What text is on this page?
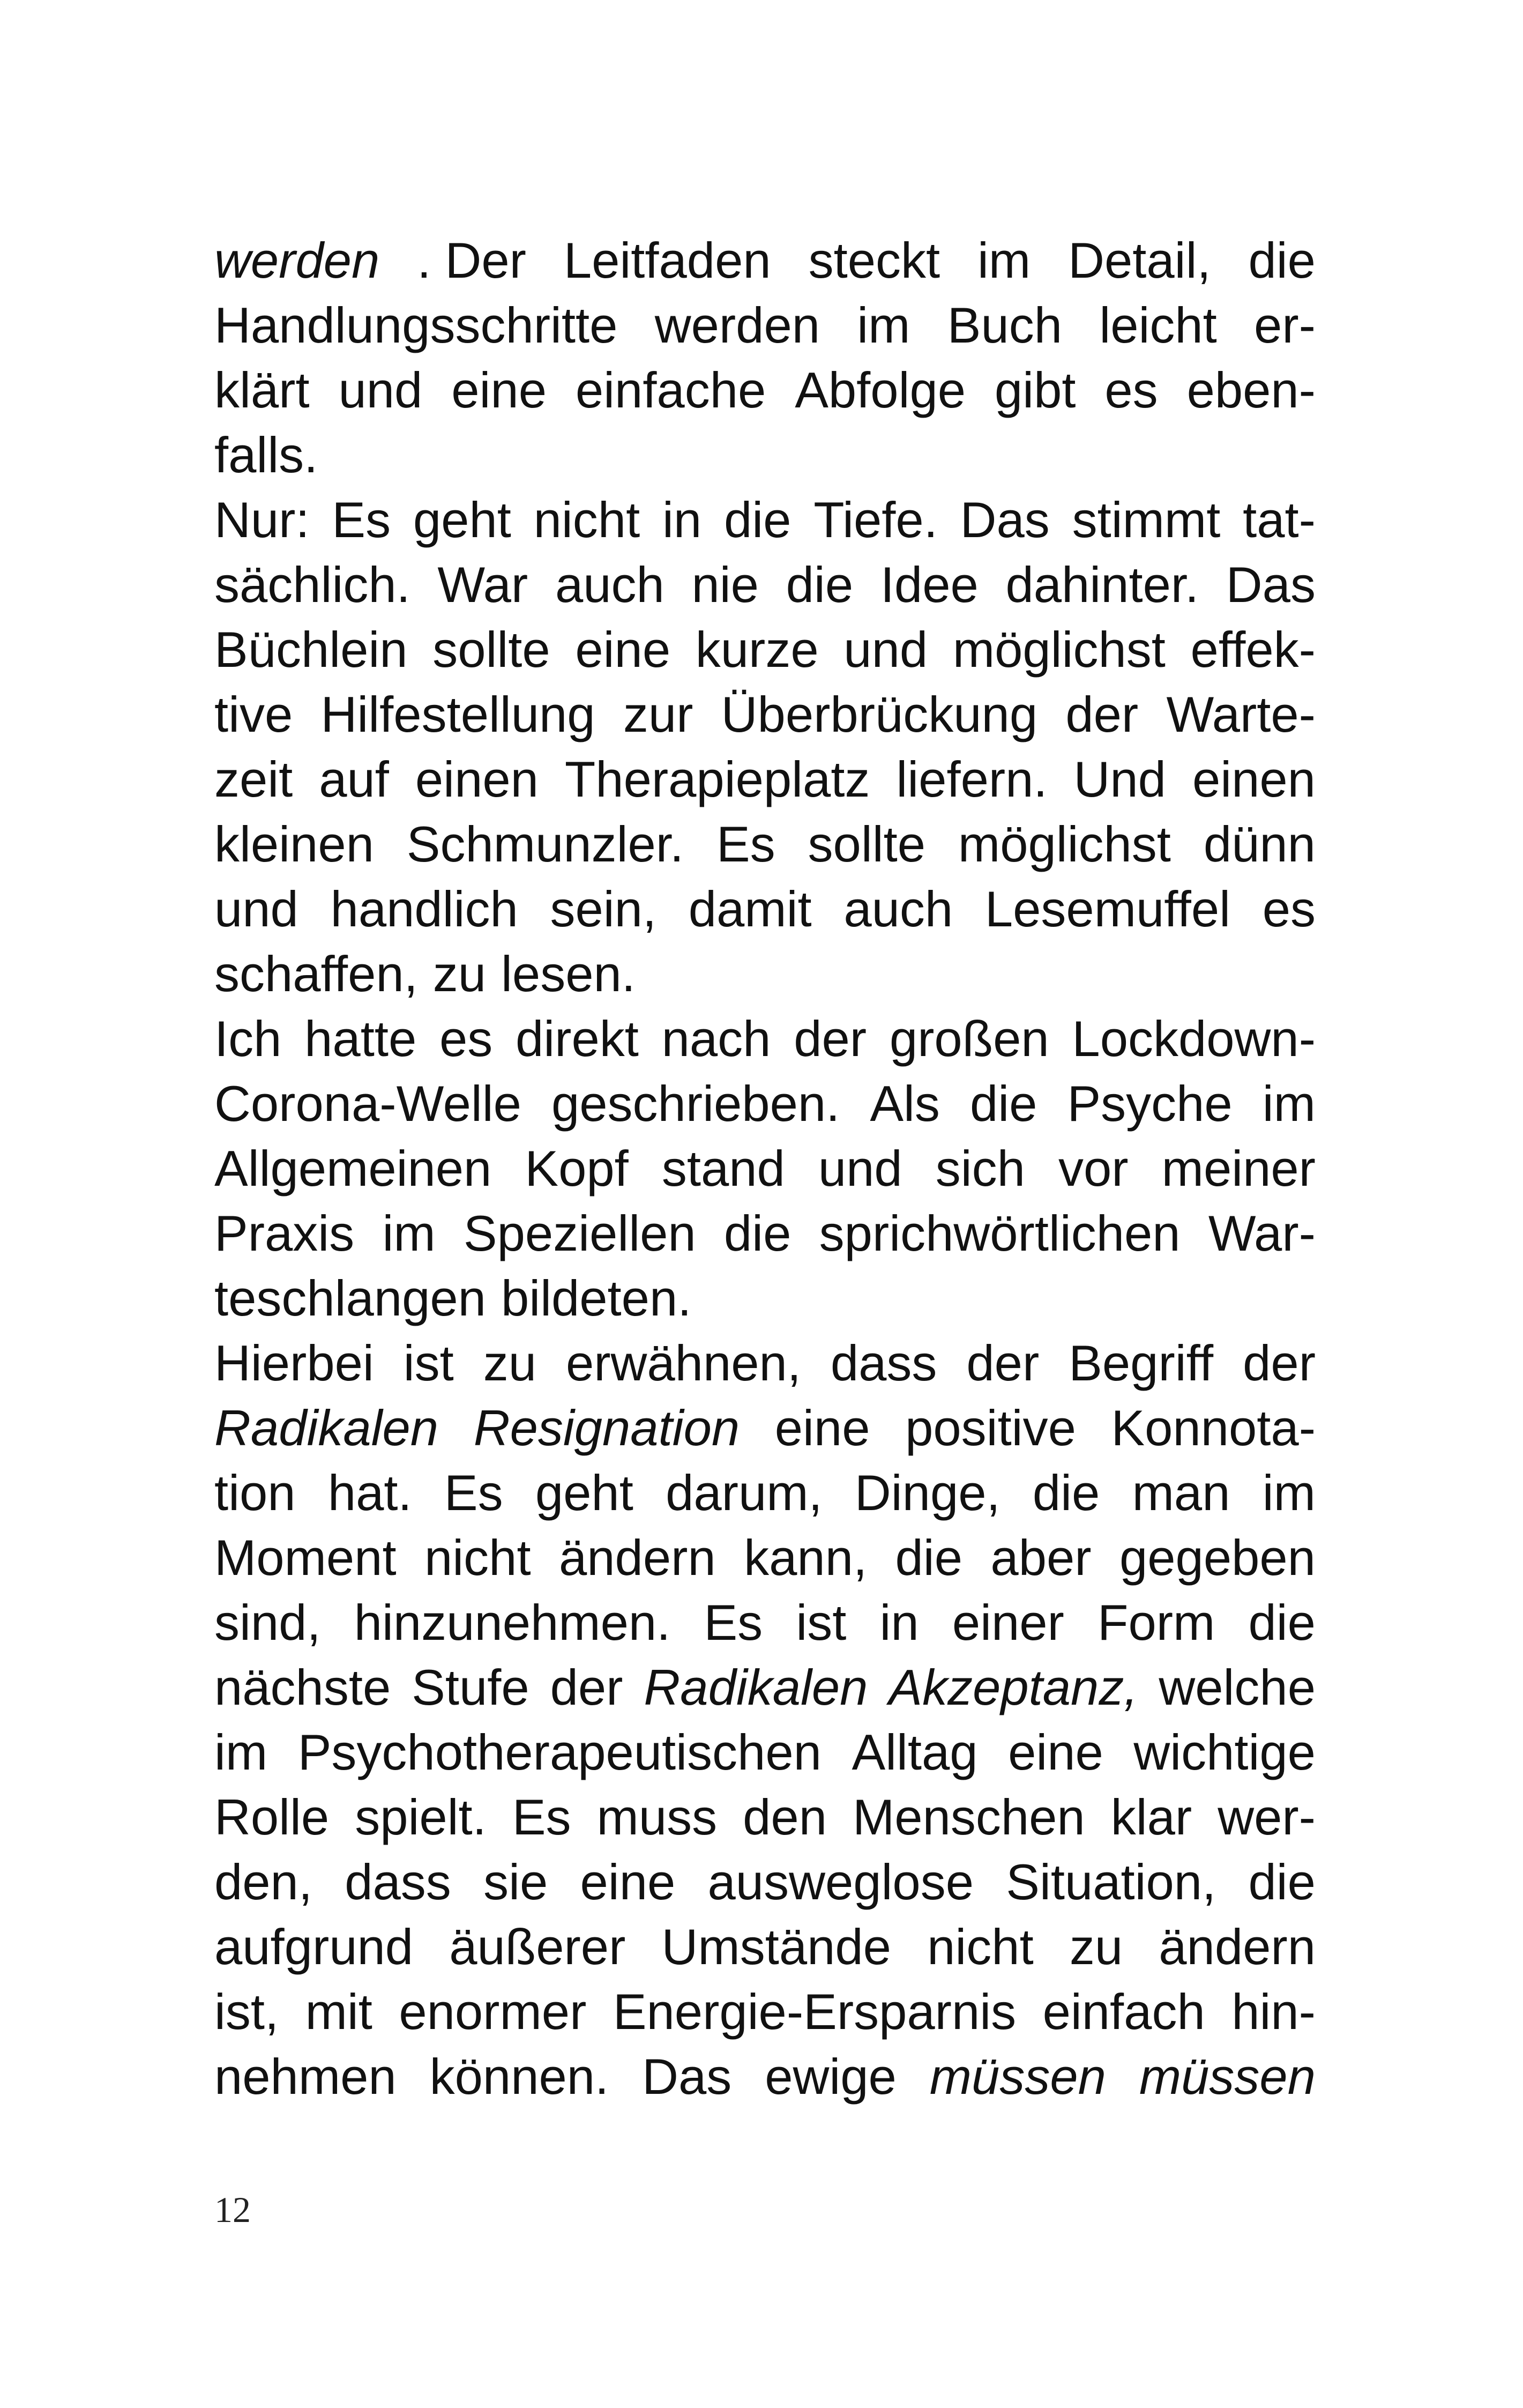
werden . Der Leitfaden steckt im Detail, die
Handlungsschritte werden im Buch leicht er-
klärt und eine einfache Abfolge gibt es eben-
falls.
Nur: Es geht nicht in die Tiefe. Das stimmt tat-
sächlich. War auch nie die Idee dahinter. Das
Büchlein sollte eine kurze und möglichst effek-
tive Hilfestellung zur Überbrückung der Warte-
zeit auf einen Therapieplatz liefern. Und einen
kleinen Schmunzler. Es sollte möglichst dünn
und handlich sein, damit auch Lesemuffel es
schaffen, zu lesen.
Ich hatte es direkt nach der großen Lockdown-
Corona-Welle geschrieben. Als die Psyche im
Allgemeinen Kopf stand und sich vor meiner
Praxis im Speziellen die sprichwörtlichen War-
teschlangen bildeten.
Hierbei ist zu erwähnen, dass der Begriff der
Radikalen Resignation eine positive Konnota-
tion hat. Es geht darum, Dinge, die man im
Moment nicht ändern kann, die aber gegeben
sind, hinzunehmen. Es ist in einer Form die
nächste Stufe der Radikalen Akzeptanz, welche
im Psychotherapeutischen Alltag eine wichtige
Rolle spielt. Es muss den Menschen klar wer-
den, dass sie eine ausweglose Situation, die
aufgrund äußerer Umstände nicht zu ändern
ist, mit enormer Energie-Ersparnis einfach hin-
nehmen können. Das ewige müssen müssen
12
